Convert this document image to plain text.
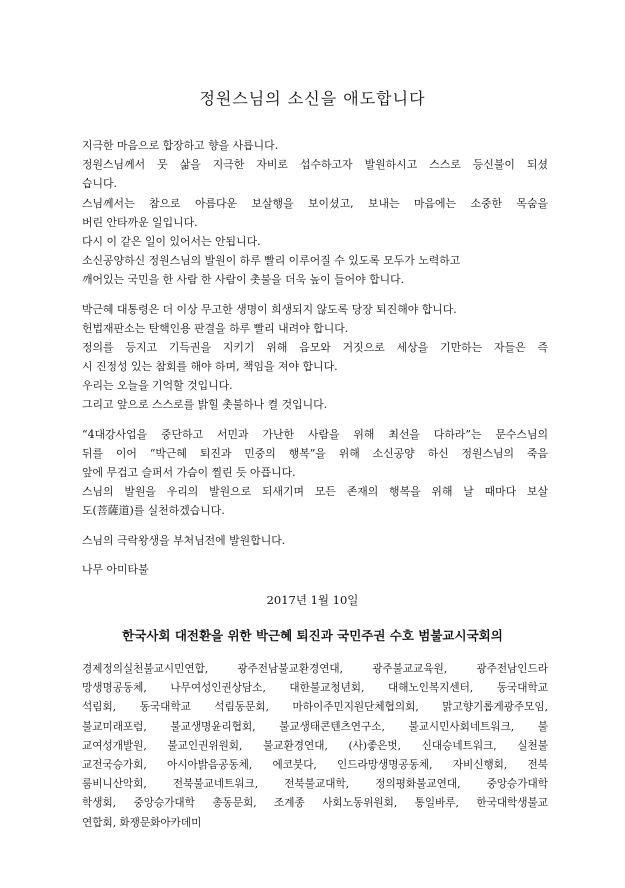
정원스님의 소신을 애도합니다
지극한 마음으로 합장하고 향을 사릅니다.
정원스님께서 뭇 삶을 지극한 자비로 섭수하고자 발원하시고 스스로 등신불이 되셨
습니다.
스님께서는 참으로 아름다운 보살행을 보이셨고, 보내는 마음에는 소중한 목숨을
버린 안타까운 일입니다.
다시 이 같은 일이 있어서는 안됩니다.
소신공양하신 정원스님의 발원이 하루 빨리 이루어질 수 있도록 모두가 노력하고
깨어있는 국민을 한 사람 한 사람이 촛불을 더욱 높이 들어야 합니다.
박근혜 대통령은 더 이상 무고한 생명이 희생되지 않도록 당장 퇴진해야 합니다.
헌법재판소는 탄핵인용 판결을 하루 빨리 내려야 합니다.
정의를 등지고 기득권을 지키기 위해 음모와 거짓으로 세상을 기만하는 자들은 즉
시 진정성 있는 참회를 해야 하며, 책임을 져야 합니다.
우리는 오늘을 기억할 것입니다.
그리고 앞으로 스스로를 밝힐 촛불하나 켤 것입니다.
“4대강사업을 중단하고 서민과 가난한 사람을 위해 최선을 다하라”는 문수스님의
뒤를 이어 “박근혜 퇴진과 민중의 행복”을 위해 소신공양 하신 정원스님의 죽음
앞에 무겁고 슬퍼서 가슴이 찔린 듯 아픕니다.
스님의 발원을 우리의 발원으로 되새기며 모든 존재의 행복을 위해 날 때마다 보살
도(菩薩道)를 실천하겠습니다.
스님의 극락왕생을 부처님전에 발원합니다.
나무 아미타불
2017년 1월 10일
한국사회 대전환을 위한 박근혜 퇴진과 국민주권 수호 범불교시국회의
경제정의실천불교시민연합, 광주전남불교환경연대, 광주불교교육원, 광주전남인드라
망생명공동체, 나무여성인권상담소, 대한불교청년회, 대해노인복지센터, 동국대학교
석림회, 동국대학교 석림동문회, 마하이주민지원단체협의회, 맑고향기롭게광주모임,
불교미래포럼, 불교생명윤리협회, 불교생태콘텐츠연구소, 불교시민사회네트워크, 불
교여성개발원, 불교인권위원회, 불교환경연대, (사)좋은벗, 신대승네트워크, 실천불
교전국승가회, 아시아밝음공동체, 에코붓다, 인드라망생명공동체, 자비신행회, 전북
룸비니산악회, 전북불교네트워크, 전북불교대학, 정의평화불교연대, 중앙승가대학
학생회, 중앙승가대학 총동문회, 조계종 사회노동위원회, 통일바루, 한국대학생불교
연합회, 화쟁문화아카데미
